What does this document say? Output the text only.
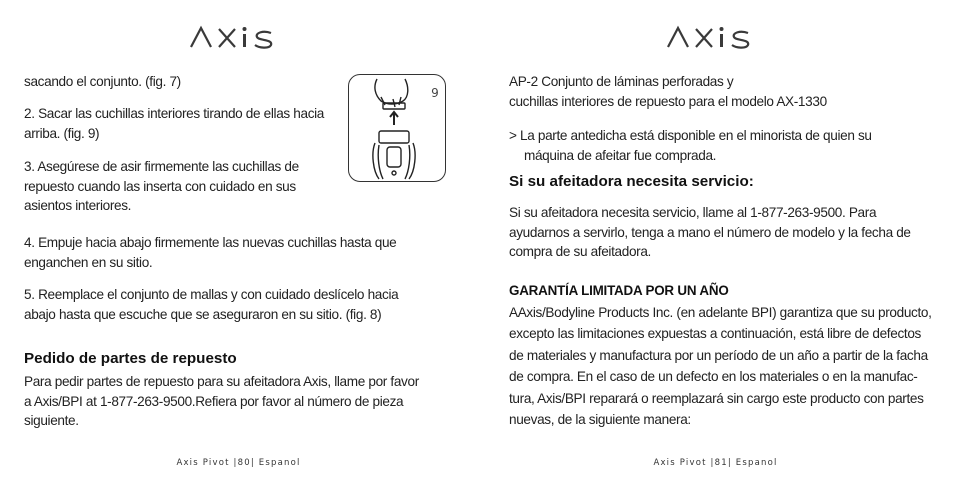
sacando el conjunto. (fig. 7)

2. Sacar las cuchillas interiores tirando de ellas hacia

arriba. (fig. 9)

3. Asegúrese de asir firmemente las cuchillas de

repuesto cuando las inserta con cuidado en sus

asientos interiores.

4. Empuje hacia abajo firmemente las nuevas cuchillas hasta que

enganchen en su sitio.

5. Reemplace el conjunto de mallas y con cuidado deslícelo hacia

abajo hasta que escuche que se aseguraron en su sitio. (fig. 8)

9
Pedido de partes de repuesto

Para pedir partes de repuesto para su afeitadora Axis, llame por favor

a Axis/BPI at 1-877-263-9500.Refiera por favor al número de pieza

siguiente.

Axis Pivot |80| Espanol

AP-2 Conjunto de láminas perforadas y

cuchillas interiores de repuesto para el modelo AX-1330

> La parte antedicha está disponible en el minorista de quien su

máquina de afeitar fue comprada.

Si su afeitadora necesita servicio:

Si su afeitadora necesita servicio, llame al 1-877-263-9500. Para

ayudarnos a servirlo, tenga a mano el número de modelo y la fecha de

compra de su afeitadora.

GARANTÍA LIMITADA POR UN AÑO

AAxis/Bodyline Products Inc. (en adelante BPI) garantiza que su producto,

excepto las limitaciones expuestas a continuación, está libre de defectos

de materiales y manufactura por un período de un año a partir de la facha

de compra. En el caso de un defecto en los materiales o en la manufac-

tura, Axis/BPI reparará o reemplazará sin cargo este producto con partes

nuevas, de la siguiente manera:

Axis Pivot |81| Espanol
